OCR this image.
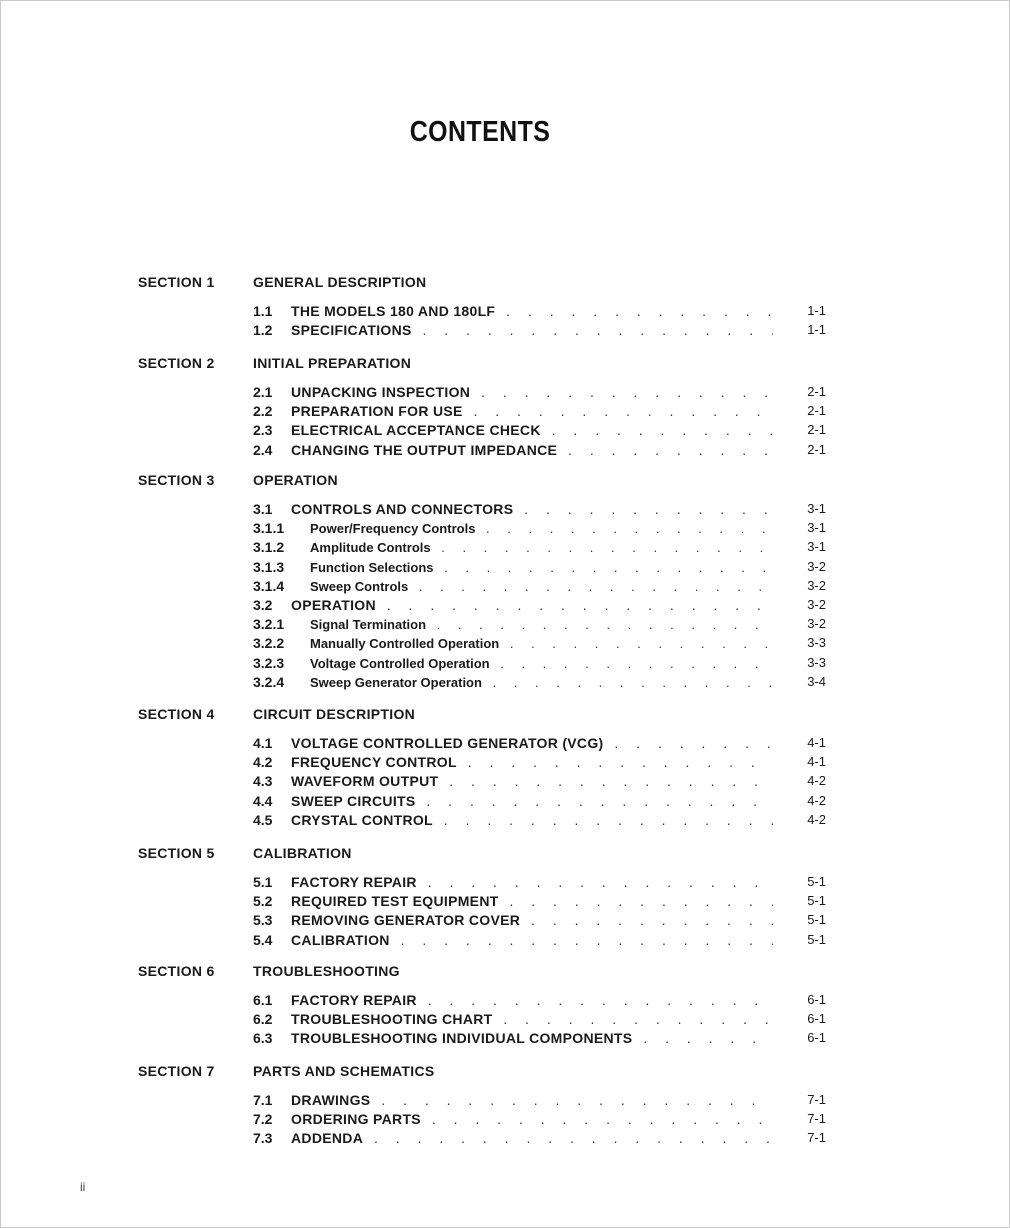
CONTENTS
SECTION 1	GENERAL DESCRIPTION
1.1 THE MODELS 180 AND 180LF . . .	1-1
1.2 SPECIFICATIONS . . .	1-1
SECTION 2	INITIAL PREPARATION
2.1 UNPACKING INSPECTION . . .	2-1
2.2 PREPARATION FOR USE . . .	2-1
2.3 ELECTRICAL ACCEPTANCE CHECK . . .	2-1
2.4 CHANGING THE OUTPUT IMPEDANCE . . .	2-1
SECTION 3	OPERATION
3.1 CONTROLS AND CONNECTORS . . .	3-1
3.1.1 Power/Frequency Controls . . .	3-1
3.1.2 Amplitude Controls . . .	3-1
3.1.3 Function Selections . . .	3-2
3.1.4 Sweep Controls . . .	3-2
3.2 OPERATION . . .	3-2
3.2.1 Signal Termination . . .	3-2
3.2.2 Manually Controlled Operation . . .	3-3
3.2.3 Voltage Controlled Operation . . .	3-3
3.2.4 Sweep Generator Operation . . .	3-4
SECTION 4	CIRCUIT DESCRIPTION
4.1 VOLTAGE CONTROLLED GENERATOR (VCG) . . .	4-1
4.2 FREQUENCY CONTROL . . .	4-1
4.3 WAVEFORM OUTPUT . . .	4-2
4.4 SWEEP CIRCUITS . . .	4-2
4.5 CRYSTAL CONTROL . . .	4-2
SECTION 5	CALIBRATION
5.1 FACTORY REPAIR . . .	5-1
5.2 REQUIRED TEST EQUIPMENT . . .	5-1
5.3 REMOVING GENERATOR COVER . . .	5-1
5.4 CALIBRATION . . .	5-1
SECTION 6	TROUBLESHOOTING
6.1 FACTORY REPAIR . . .	6-1
6.2 TROUBLESHOOTING CHART . . .	6-1
6.3 TROUBLESHOOTING INDIVIDUAL COMPONENTS . . .	6-1
SECTION 7	PARTS AND SCHEMATICS
7.1 DRAWINGS . . .	7-1
7.2 ORDERING PARTS . . .	7-1
7.3 ADDENDA . . .	7-1
ii
